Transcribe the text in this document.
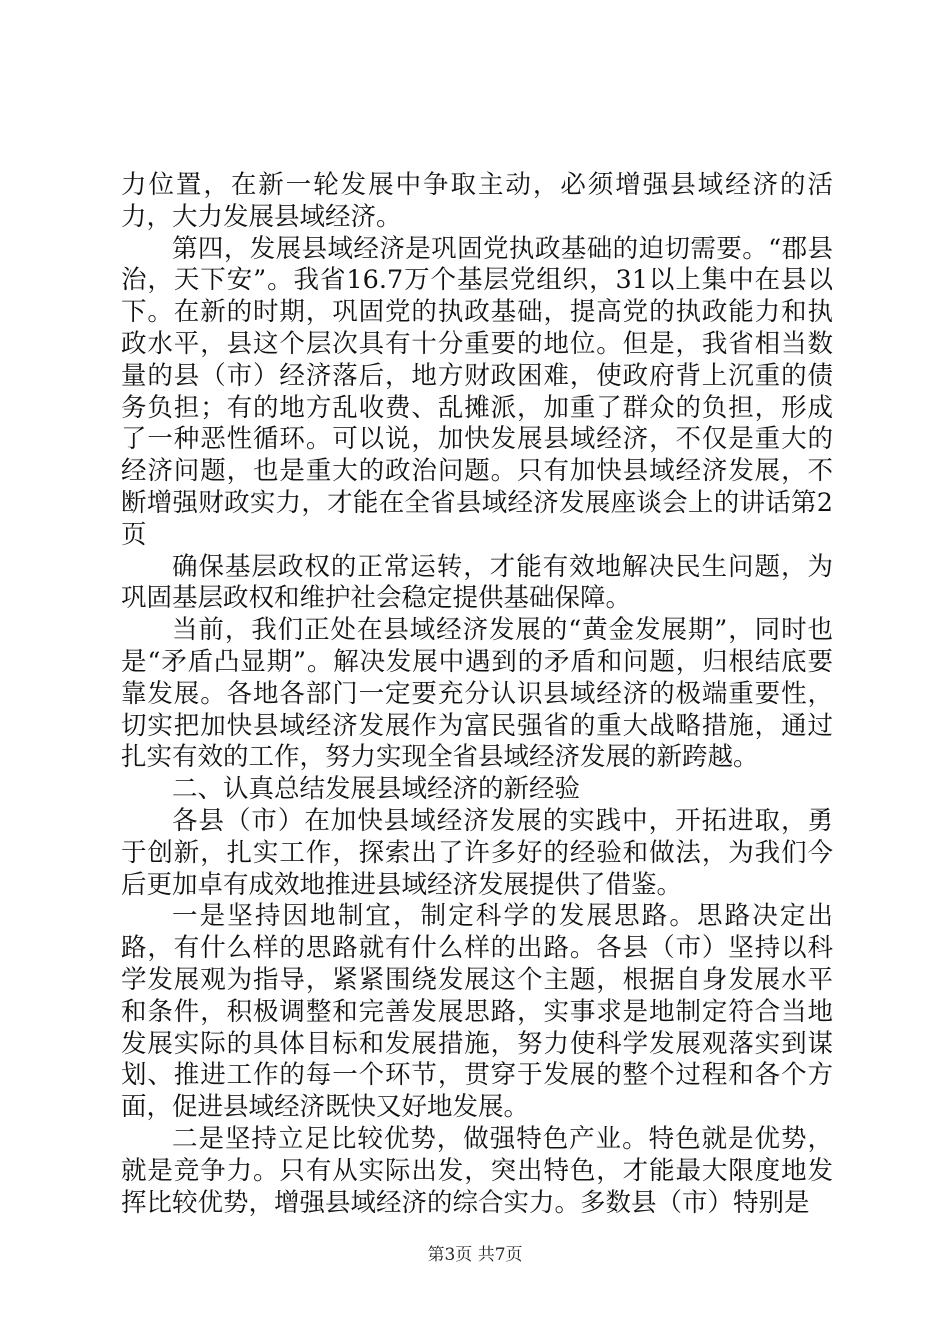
力位置，在新一轮发展中争取主动，必须增强县域经济的活力，大力发展县域经济。

第四，发展县域经济是巩固党执政基础的迫切需要。“郡县治，天下安”。我省16.7万个基层党组织，31以上集中在县以下。在新的时期，巩固党的执政基础，提高党的执政能力和执政水平，县这个层次具有十分重要的地位。但是，我省相当数量的县（市）经济落后，地方财政困难，使政府背上沉重的债务负担；有的地方乱收费、乱摊派，加重了群众的负担，形成了一种恶性循环。可以说，加快发展县域经济，不仅是重大的经济问题，也是重大的政治问题。只有加快县域经济发展，不断增强财政实力，才能在全省县域经济发展座谈会上的讲话第2页

确保基层政权的正常运转，才能有效地解决民生问题，为巩固基层政权和维护社会稳定提供基础保障。

当前，我们正处在县域经济发展的“黄金发展期”，同时也是“矛盾凸显期”。解决发展中遇到的矛盾和问题，归根结底要靠发展。各地各部门一定要充分认识县域经济的极端重要性，切实把加快县域经济发展作为富民强省的重大战略措施，通过扎实有效的工作，努力实现全省县域经济发展的新跨越。

二、认真总结发展县域经济的新经验

各县（市）在加快县域经济发展的实践中，开拓进取，勇于创新，扎实工作，探索出了许多好的经验和做法，为我们今后更加卓有成效地推进县域经济发展提供了借鉴。

一是坚持因地制宜，制定科学的发展思路。思路决定出路，有什么样的思路就有什么样的出路。各县（市）坚持以科学发展观为指导，紧紧围绕发展这个主题，根据自身发展水平和条件，积极调整和完善发展思路，实事求是地制定符合当地发展实际的具体目标和发展措施，努力使科学发展观落实到谋划、推进工作的每一个环节，贯穿于发展的整个过程和各个方面，促进县域经济既快又好地发展。

二是坚持立足比较优势，做强特色产业。特色就是优势，就是竞争力。只有从实际出发，突出特色，才能最大限度地发挥比较优势，增强县域经济的综合实力。多数县（市）特别是

第3页 共7页
